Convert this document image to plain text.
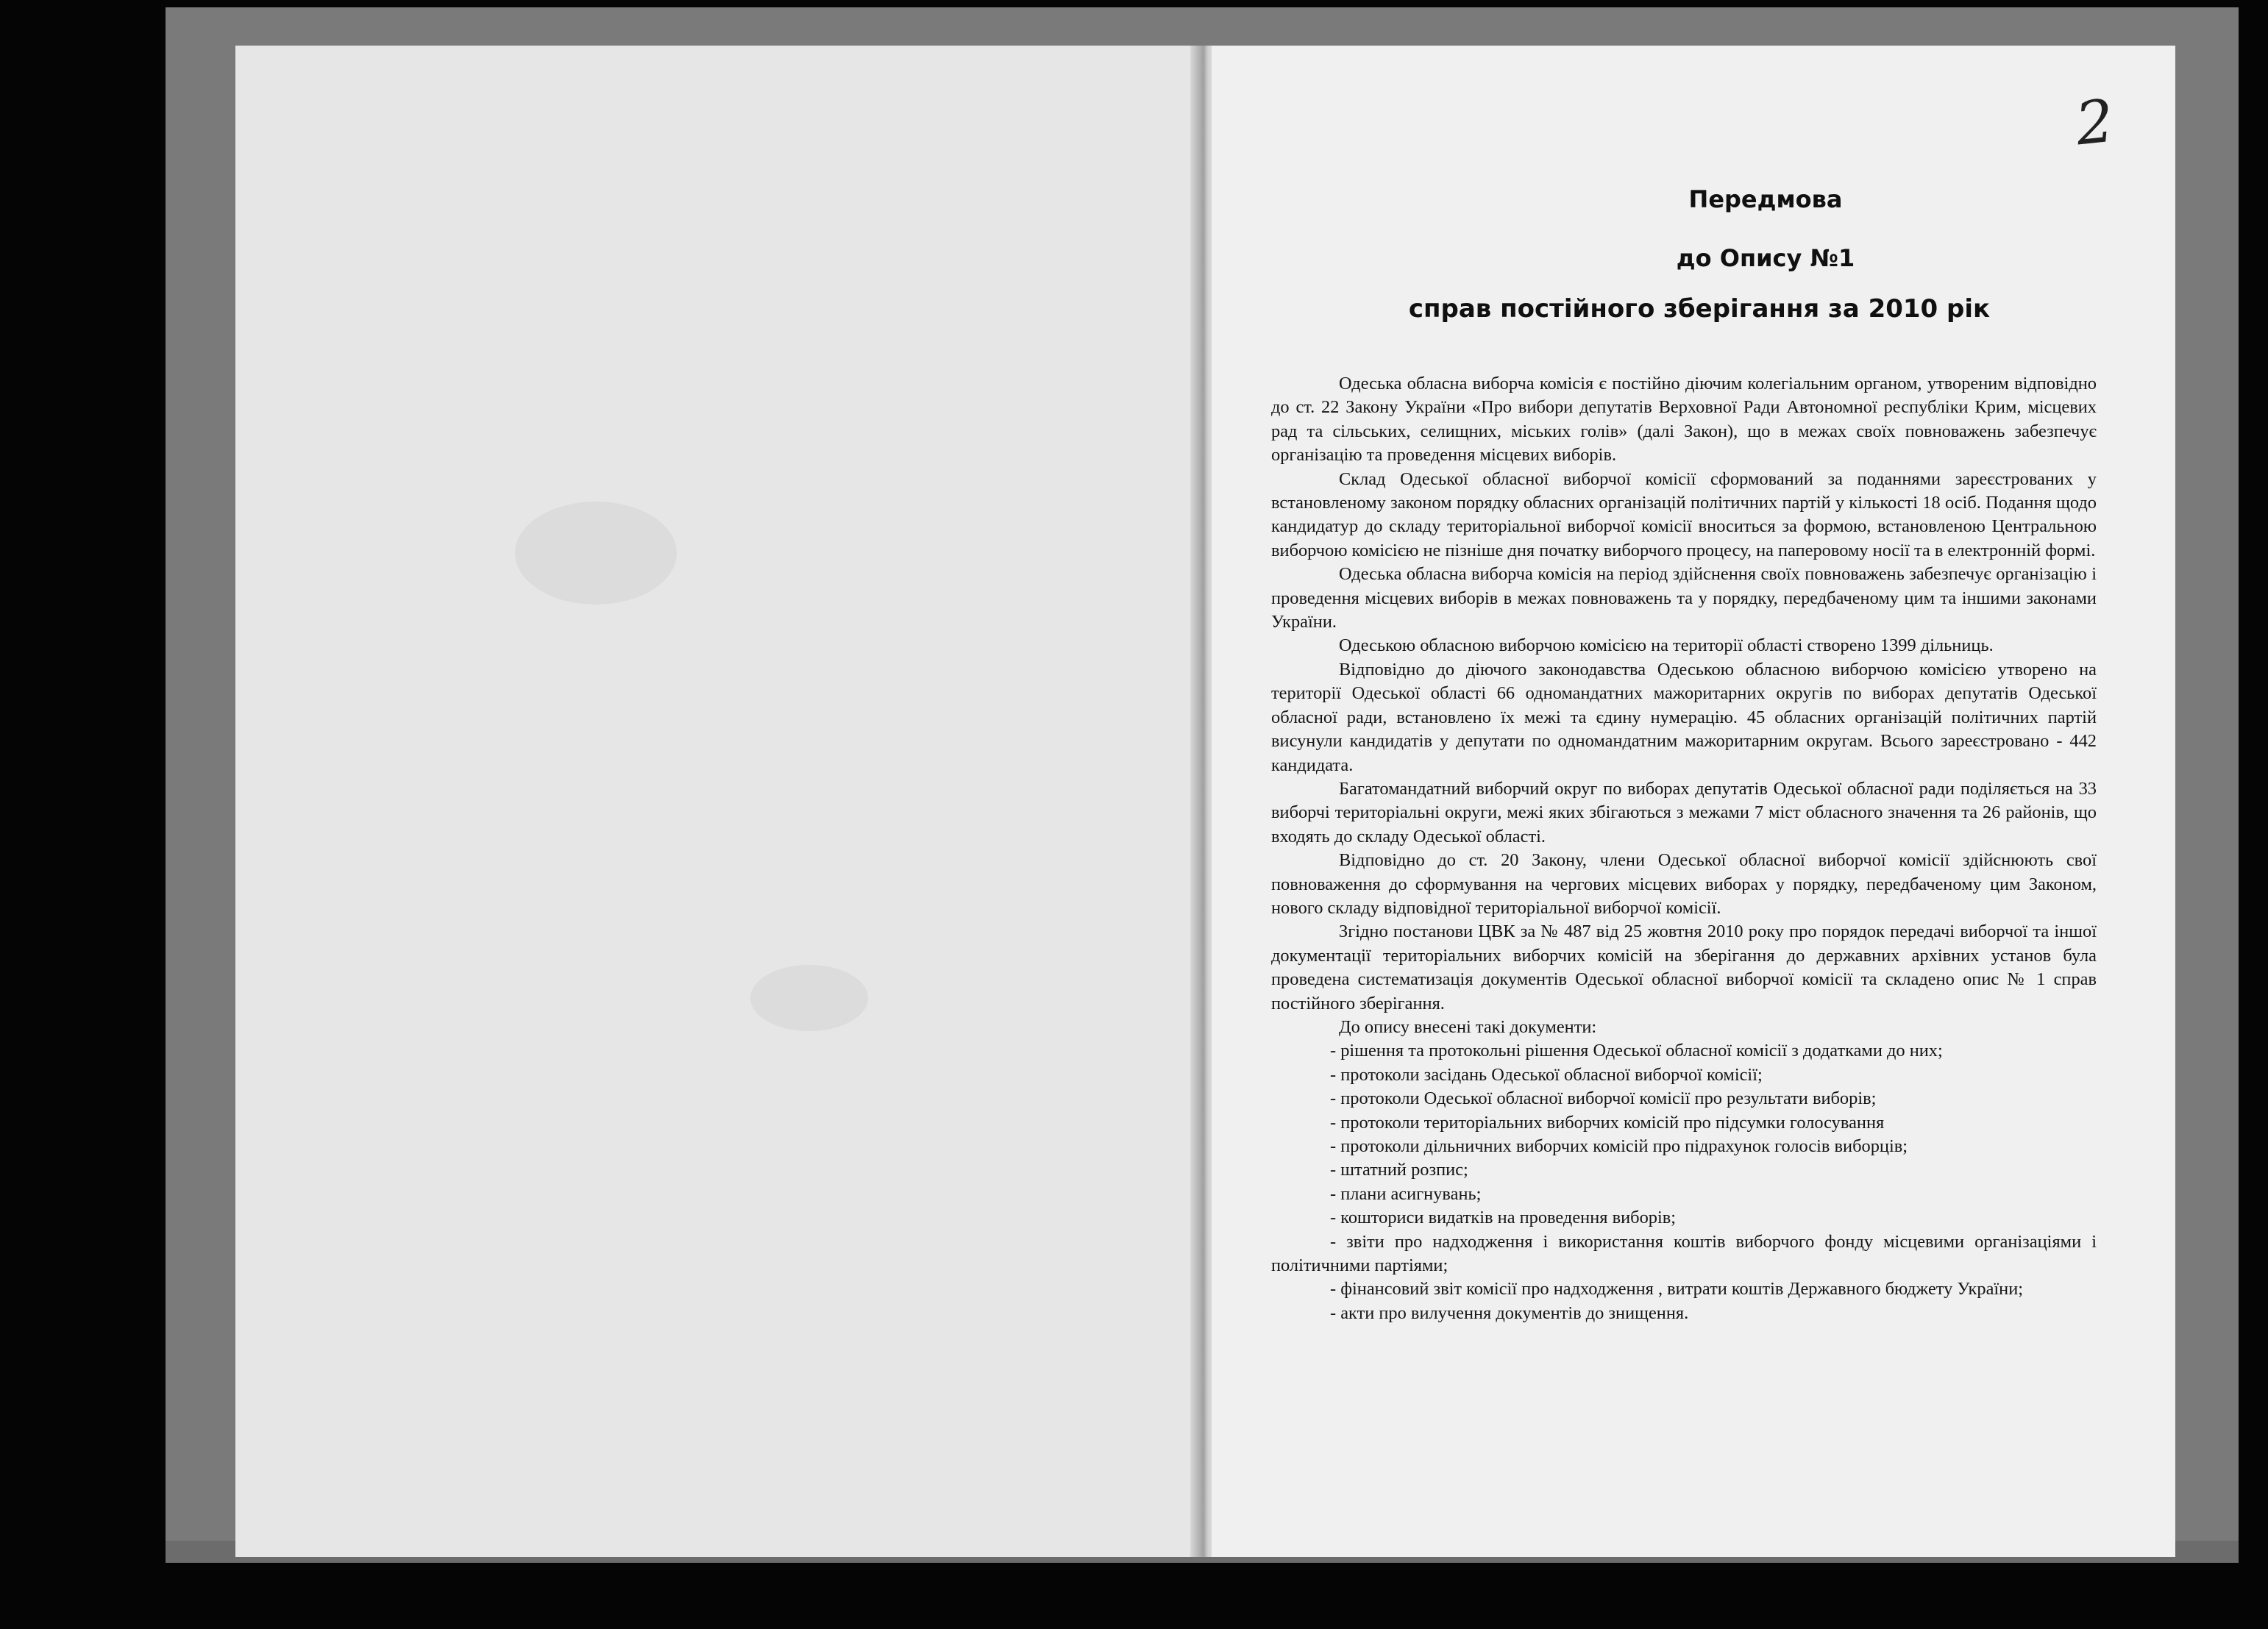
2
Передмова
до Опису №1
справ постійного зберігання за 2010 рік

Одеська обласна виборча комісія є постійно діючим колегіальним органом, утвореним відповідно до ст. 22 Закону України «Про вибори депутатів Верховної Ради Автономної республіки Крим, місцевих рад та сільських, селищних, міських голів» (далі Закон), що в межах своїх повноважень забезпечує організацію та проведення місцевих виборів.

Склад Одеської обласної виборчої комісії сформований за поданнями зареєстрованих у встановленому законом порядку обласних організацій політичних партій у кількості 18 осіб. Подання щодо кандидатур до складу територіальної виборчої комісії вноситься за формою, встановленою Центральною виборчою комісією не пізніше дня початку виборчого процесу, на паперовому носії та в електронній формі.

Одеська обласна виборча комісія на період здійснення своїх повноважень забезпечує організацію і проведення місцевих виборів в межах повноважень та у порядку, передбаченому цим та іншими законами України.

Одеською обласною виборчою комісією на території області створено 1399 дільниць.

Відповідно до діючого законодавства Одеською обласною виборчою комісією утворено на території Одеської області 66 одномандатних мажоритарних округів по виборах депутатів Одеської обласної ради, встановлено їх межі та єдину нумерацію. 45 обласних організацій політичних партій висунули кандидатів у депутати по одномандатним мажоритарним округам. Всього зареєстровано - 442 кандидата.

Багатомандатний виборчий округ по виборах депутатів Одеської обласної ради поділяється на 33 виборчі територіальні округи, межі яких збігаються з межами 7 міст обласного значення та 26 районів, що входять до складу Одеської області.

Відповідно до ст. 20 Закону, члени Одеської обласної виборчої комісії здійснюють свої повноваження до сформування на чергових місцевих виборах у порядку, передбаченому цим Законом, нового складу відповідної територіальної виборчої комісії.

Згідно постанови ЦВК за № 487 від 25 жовтня 2010 року про порядок передачі виборчої та іншої документації територіальних виборчих комісій на зберігання до державних архівних установ була проведена систематизація документів Одеської обласної виборчої комісії та складено опис № 1 справ постійного зберігання.

До опису внесені такі документи:

- рішення та протокольні рішення Одеської обласної комісії з додатками до них;

- протоколи засідань Одеської обласної виборчої комісії;

- протоколи Одеської обласної виборчої комісії про результати виборів;

- протоколи територіальних виборчих комісій про підсумки голосування

- протоколи дільничних виборчих комісій про підрахунок голосів виборців;

- штатний розпис;

- плани асигнувань;

- кошториси видатків на проведення виборів;

- звіти про надходження і використання коштів виборчого фонду місцевими організаціями і політичними партіями;

- фінансовий звіт комісії про надходження , витрати коштів Державного бюджету України;

- акти про вилучення документів до знищення.
